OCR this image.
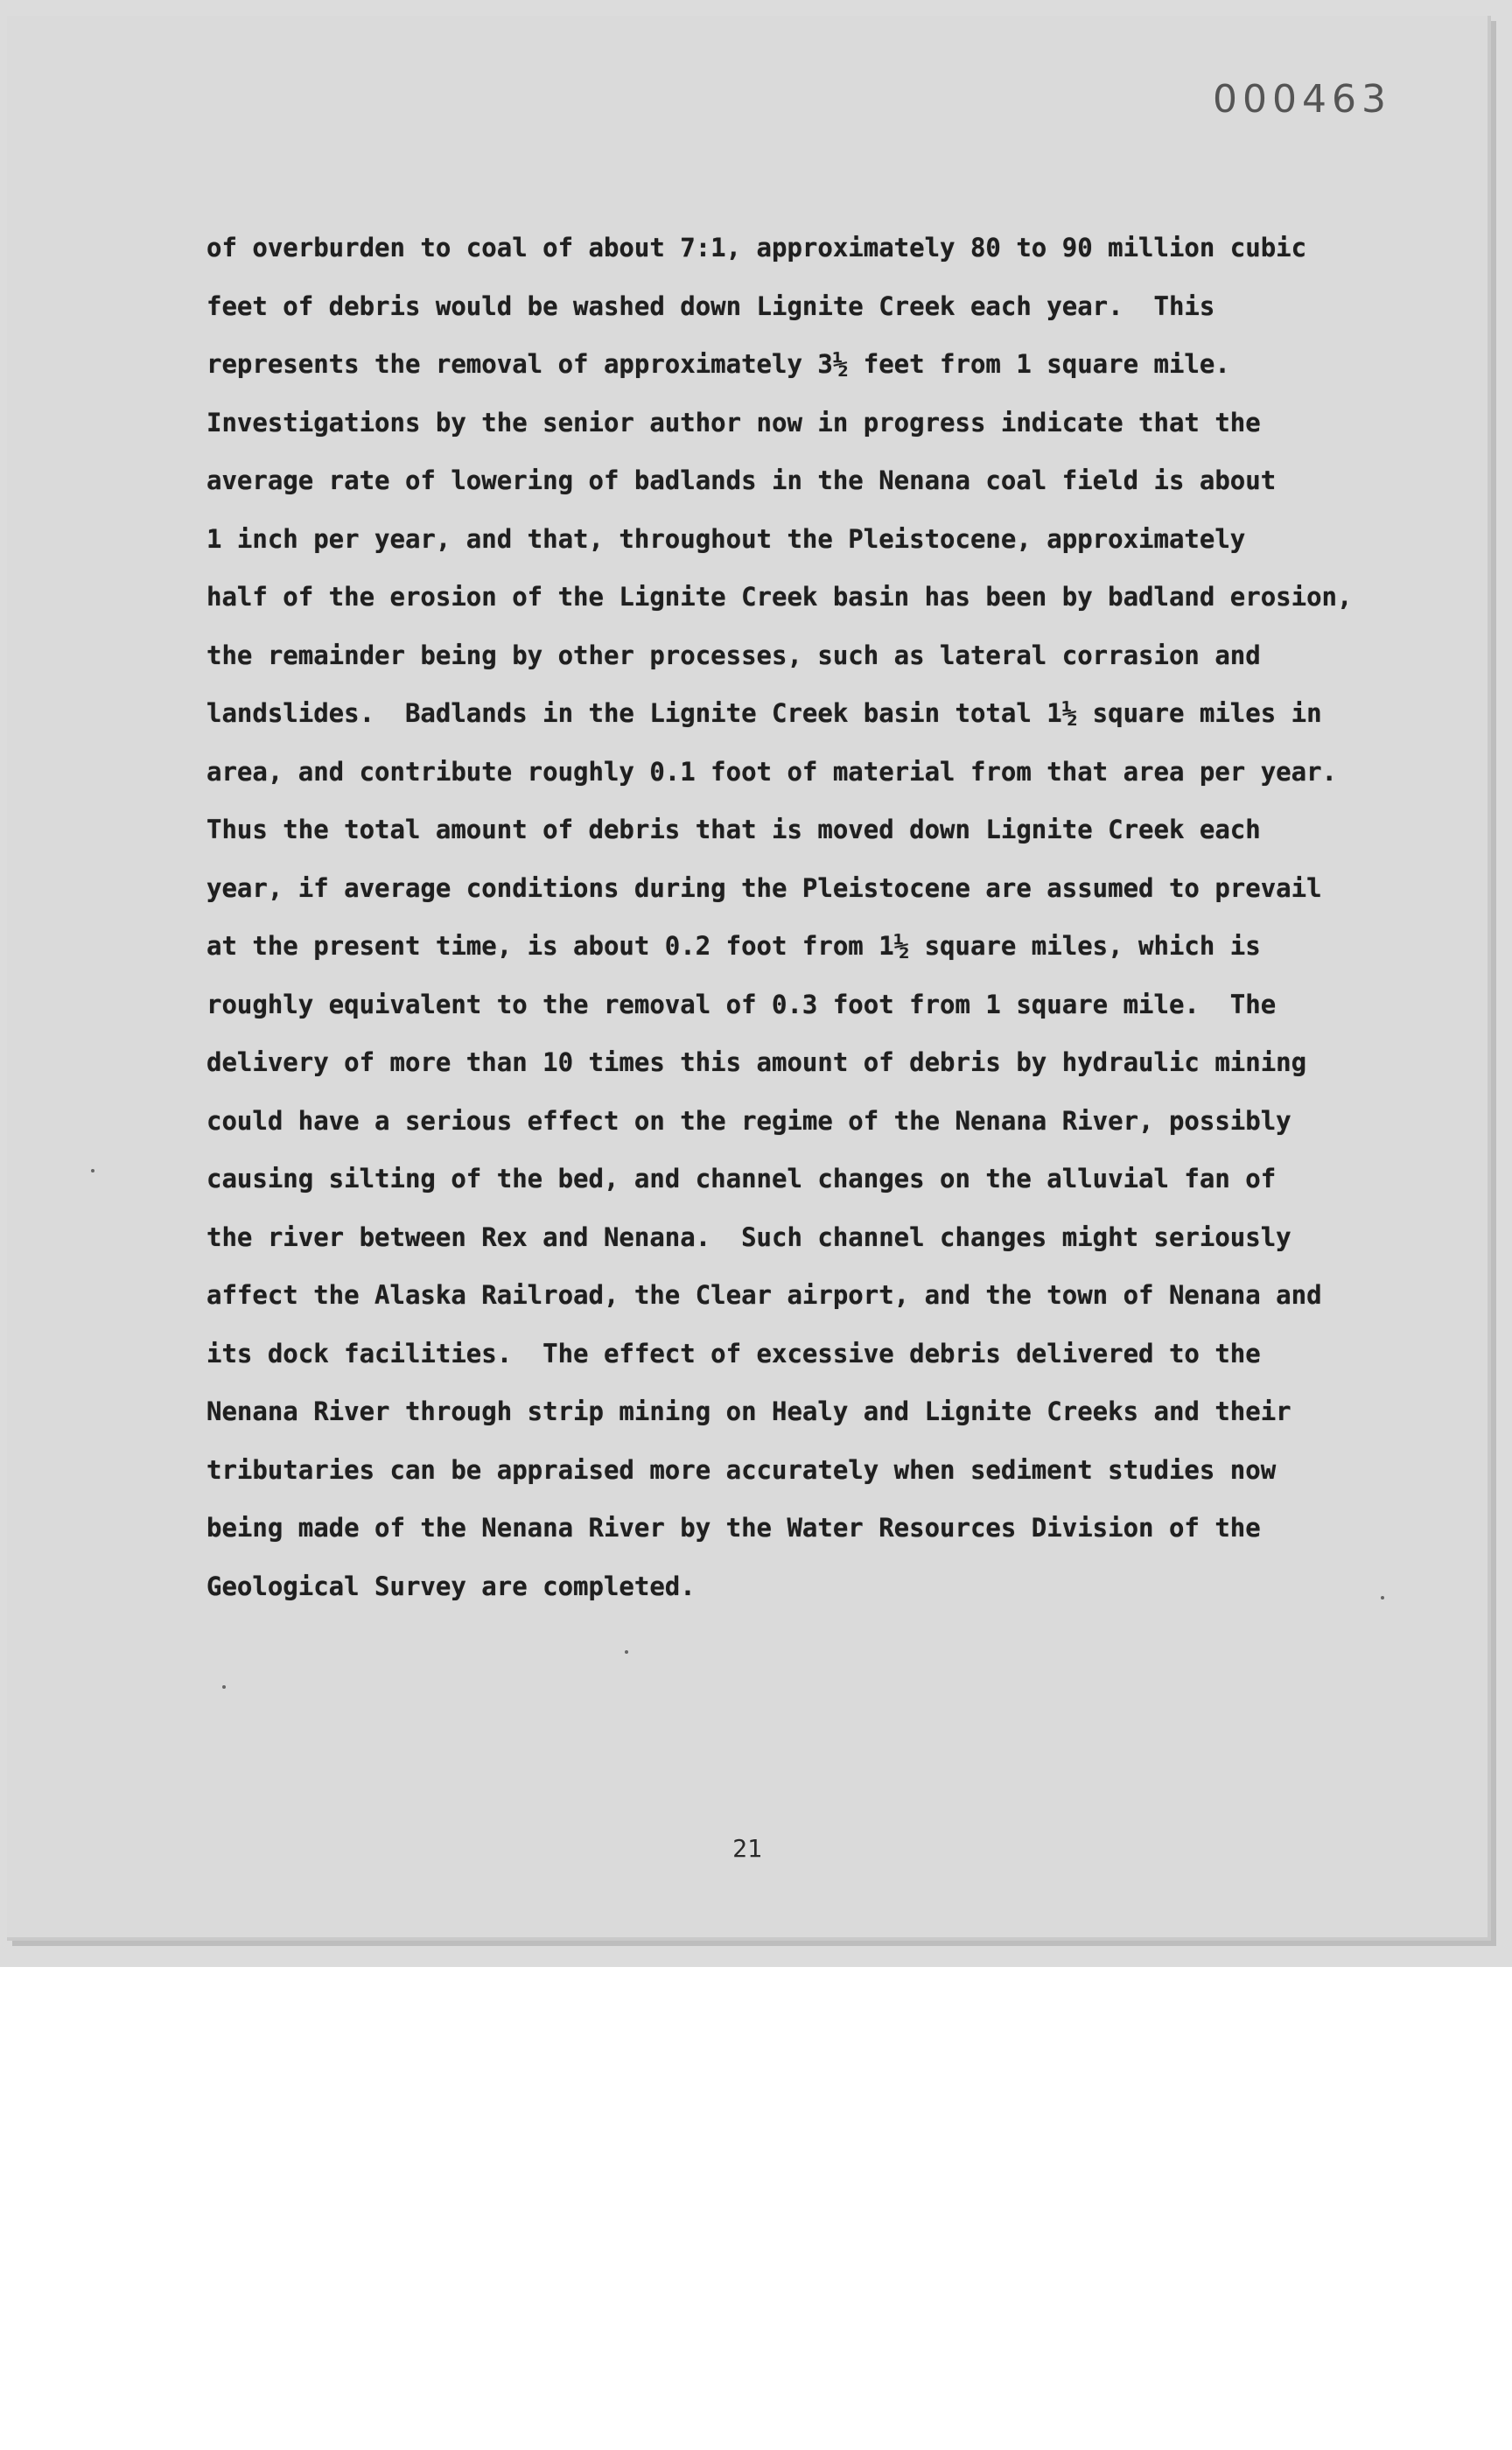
000463
of overburden to coal of about 7:1, approximately 80 to 90 million cubic
feet of debris would be washed down Lignite Creek each year.  This
represents the removal of approximately 3½ feet from 1 square mile.
Investigations by the senior author now in progress indicate that the
average rate of lowering of badlands in the Nenana coal field is about
1 inch per year, and that, throughout the Pleistocene, approximately
half of the erosion of the Lignite Creek basin has been by badland erosion,
the remainder being by other processes, such as lateral corrasion and
landslides.  Badlands in the Lignite Creek basin total 1½ square miles in
area, and contribute roughly 0.1 foot of material from that area per year.
Thus the total amount of debris that is moved down Lignite Creek each
year, if average conditions during the Pleistocene are assumed to prevail
at the present time, is about 0.2 foot from 1½ square miles, which is
roughly equivalent to the removal of 0.3 foot from 1 square mile.  The
delivery of more than 10 times this amount of debris by hydraulic mining
could have a serious effect on the regime of the Nenana River, possibly
causing silting of the bed, and channel changes on the alluvial fan of
the river between Rex and Nenana.  Such channel changes might seriously
affect the Alaska Railroad, the Clear airport, and the town of Nenana and
its dock facilities.  The effect of excessive debris delivered to the
Nenana River through strip mining on Healy and Lignite Creeks and their
tributaries can be appraised more accurately when sediment studies now
being made of the Nenana River by the Water Resources Division of the
Geological Survey are completed.
21
